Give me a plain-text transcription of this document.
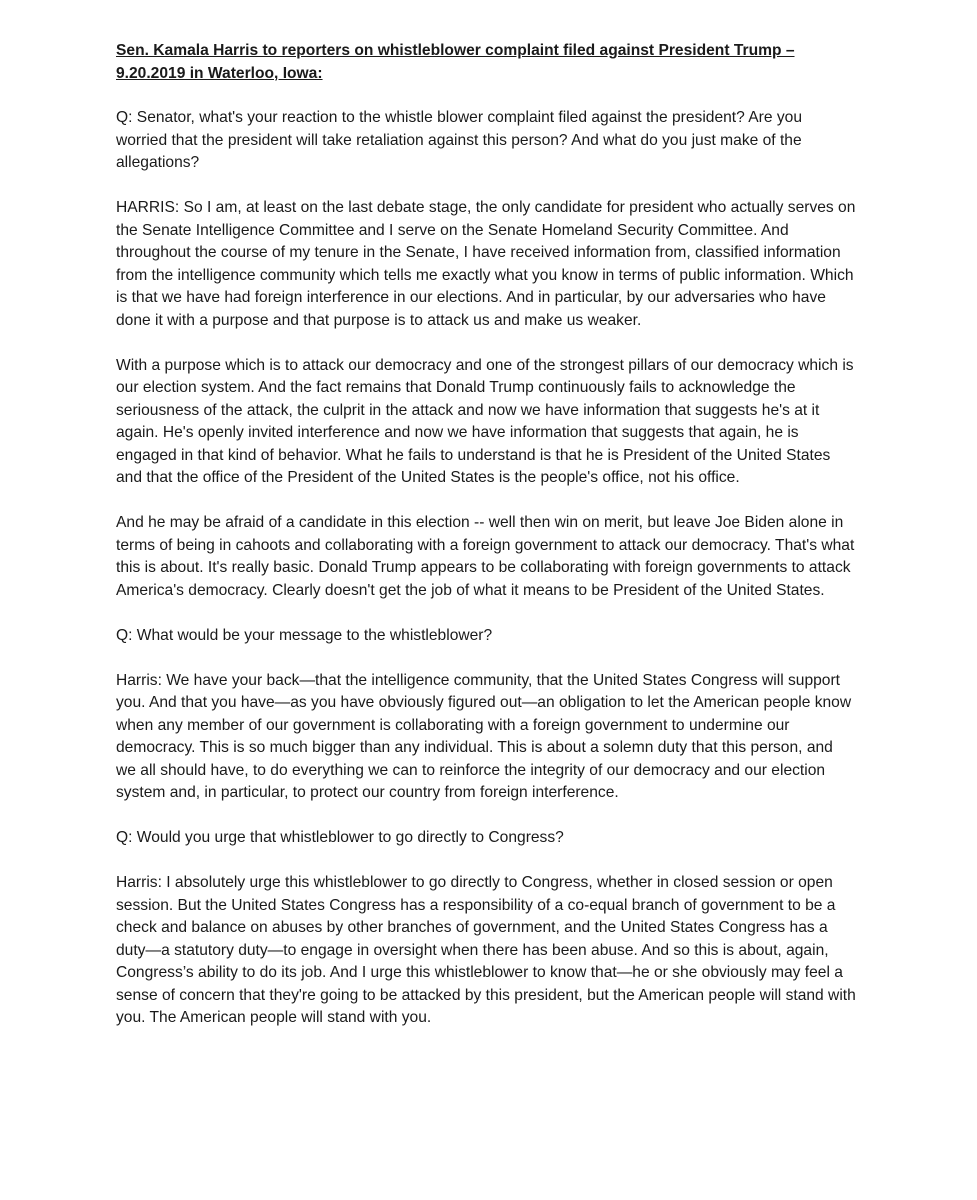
Sen. Kamala Harris to reporters on whistleblower complaint filed against President Trump – 9.20.2019 in Waterloo, Iowa:
Q: Senator, what's your reaction to the whistle blower complaint filed against the president? Are you worried that the president will take retaliation against this person? And what do you just make of the allegations?
HARRIS: So I am, at least on the last debate stage, the only candidate for president who actually serves on the Senate Intelligence Committee and I serve on the Senate Homeland Security Committee. And throughout the course of my tenure in the Senate, I have received information from, classified information from the intelligence community which tells me exactly what you know in terms of public information. Which is that we have had foreign interference in our elections. And in particular, by our adversaries who have done it with a purpose and that purpose is to attack us and make us weaker.
With a purpose which is to attack our democracy and one of the strongest pillars of our democracy which is our election system. And the fact remains that Donald Trump continuously fails to acknowledge the seriousness of the attack, the culprit in the attack and now we have information that suggests he's at it again. He's openly invited interference and now we have information that suggests that again, he is engaged in that kind of behavior. What he fails to understand is that he is President of the United States and that the office of the President of the United States is the people's office, not his office.
And he may be afraid of a candidate in this election -- well then win on merit, but leave Joe Biden alone in terms of being in cahoots and collaborating with a foreign government to attack our democracy. That's what this is about. It's really basic. Donald Trump appears to be collaborating with foreign governments to attack America's democracy. Clearly doesn't get the job of what it means to be President of the United States.
Q: What would be your message to the whistleblower?
Harris: We have your back—that the intelligence community, that the United States Congress will support you. And that you have—as you have obviously figured out—an obligation to let the American people know when any member of our government is collaborating with a foreign government to undermine our democracy. This is so much bigger than any individual. This is about a solemn duty that this person, and we all should have, to do everything we can to reinforce the integrity of our democracy and our election system and, in particular, to protect our country from foreign interference.
Q: Would you urge that whistleblower to go directly to Congress?
Harris: I absolutely urge this whistleblower to go directly to Congress, whether in closed session or open session. But the United States Congress has a responsibility of a co-equal branch of government to be a check and balance on abuses by other branches of government, and the United States Congress has a duty—a statutory duty—to engage in oversight when there has been abuse. And so this is about, again, Congress’s ability to do its job. And I urge this whistleblower to know that—he or she obviously may feel a sense of concern that they're going to be attacked by this president, but the American people will stand with you. The American people will stand with you.
